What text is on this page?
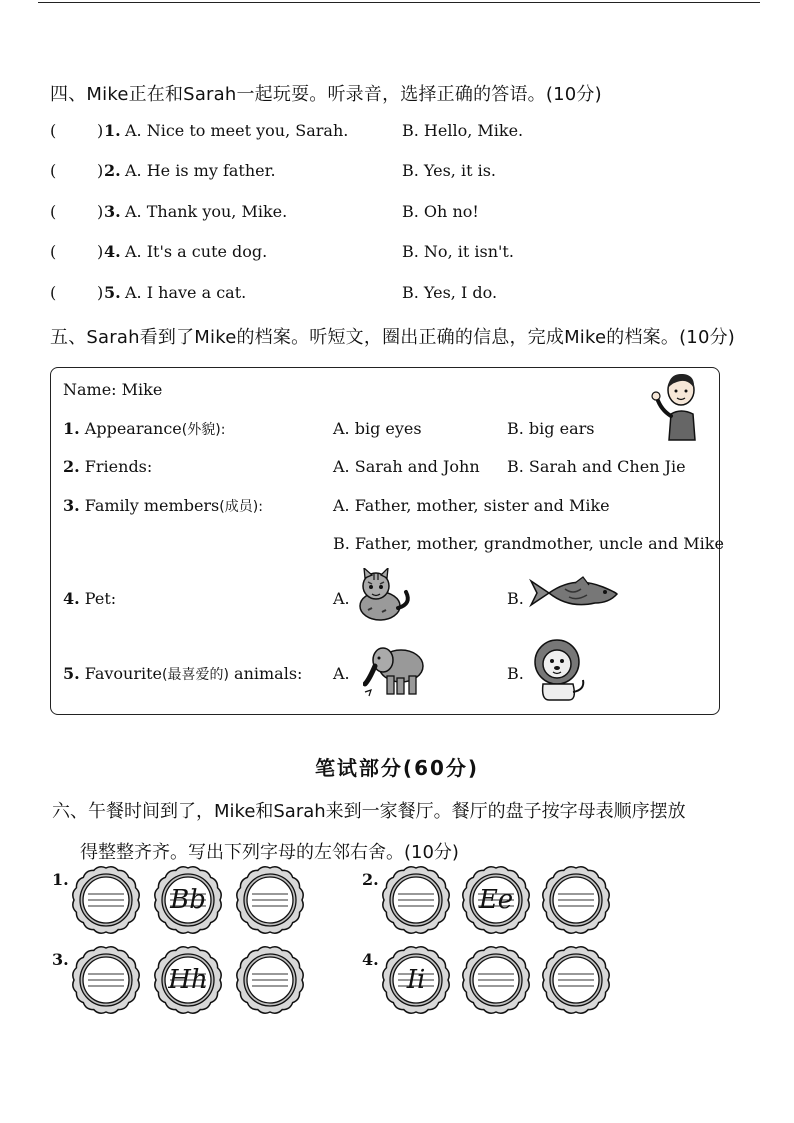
四、Mike正在和Sarah一起玩耍。听录音，选择正确的答语。(10分)
(	) 1. A. Nice to meet you, Sarah.	B. Hello, Mike.
(	) 2. A. He is my father.	B. Yes, it is.
(	) 3. A. Thank you, Mike.	B. Oh no!
(	) 4. A. It's a cute dog.	B. No, it isn't.
(	) 5. A. I have a cat.	B. Yes, I do.
五、Sarah看到了Mike的档案。听短文，圈出正确的信息，完成Mike的档案。(10分)
Name: Mike
1. Appearance(外貌):	A. big eyes	B. big ears
2. Friends:	A. Sarah and John B. Sarah and Chen Jie
3. Family members(成员):	A. Father, mother, sister and Mike
B. Father, mother, grandmother, uncle and Mike
4. Pet:	A.	B.
5. Favourite(最喜爱的) animals: A.	B.
笔试部分(60分)
六、午餐时间到了，Mike和Sarah来到一家餐厅。餐厅的盘子按字母表顺序摆放
得整整齐齐。写出下列字母的左邻右舍。(10分)
1.
Bb
2.
Ee
3.
Hh
4.
Ii
